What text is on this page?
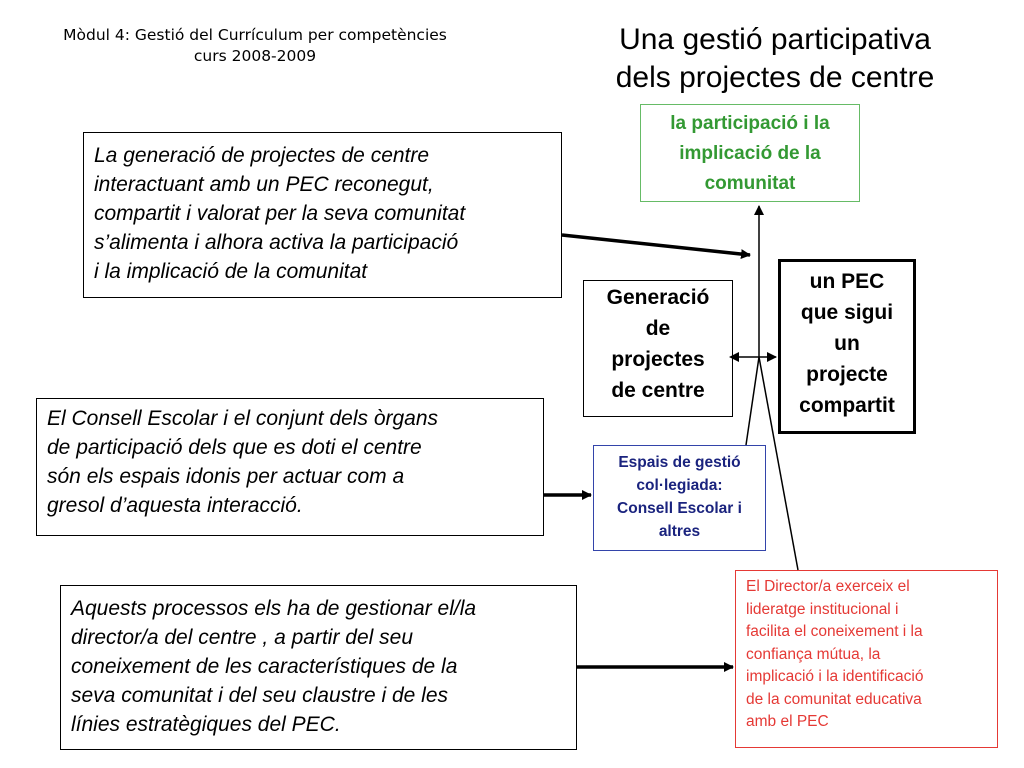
Mòdul 4: Gestió del Currículum per competències
curs 2008-2009	Una gestió participativa
dels projectes de centre
la participació i la
implicació de la
comunitat
La generació de projectes de centre
interactuant amb un PEC reconegut,
compartit i valorat per la seva comunitat
s’alimenta i alhora activa la participació
i la implicació de la comunitat
Generació
de
projectes
de centre
un PEC
que sigui
un
projecte
compartit
El Consell Escolar i el conjunt dels òrgans
de participació dels que es doti el centre
són els espais idonis per actuar com a
gresol d’aquesta interacció.
Espais de gestió
col·legiada:
Consell Escolar i
altres
Aquests processos els ha de gestionar el/la
director/a del centre , a partir del seu
coneixement de les característiques de la
seva comunitat i del seu claustre i de les
línies estratègiques del PEC.
El Director/a exerceix el
lideratge institucional i
facilita el coneixement i la
confiança mútua, la
implicació i la identificació
de la comunitat educativa
amb el PEC
